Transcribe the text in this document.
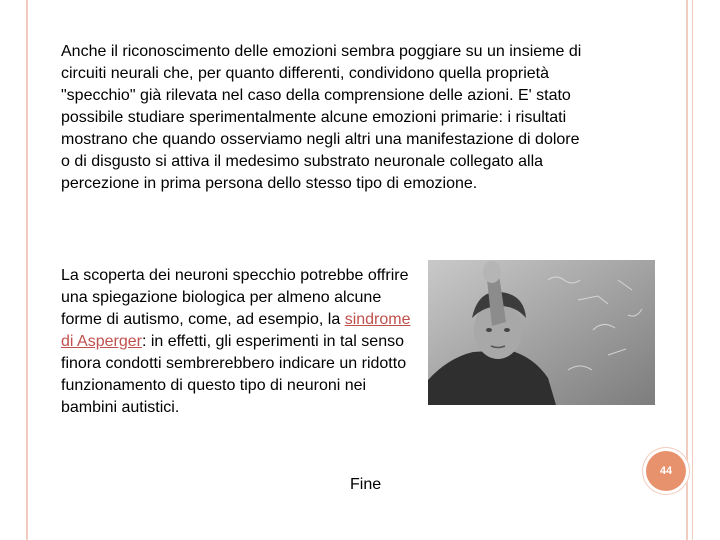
Anche il riconoscimento delle emozioni sembra poggiare su un insieme di circuiti neurali che, per quanto differenti, condividono quella proprietà "specchio" già rilevata nel caso della comprensione delle azioni. E' stato possibile studiare sperimentalmente alcune emozioni primarie: i risultati mostrano che quando osserviamo negli altri una manifestazione di dolore o di disgusto si attiva il medesimo substrato neuronale collegato alla percezione in prima persona dello stesso tipo di emozione.

La scoperta dei neuroni specchio potrebbe offrire una spiegazione biologica per almeno alcune forme di autismo, come, ad esempio, la sindrome di Asperger: in effetti, gli esperimenti in tal senso finora condotti sembrerebbero indicare un ridotto funzionamento di questo tipo di neuroni nei bambini autistici.

Fine

44
